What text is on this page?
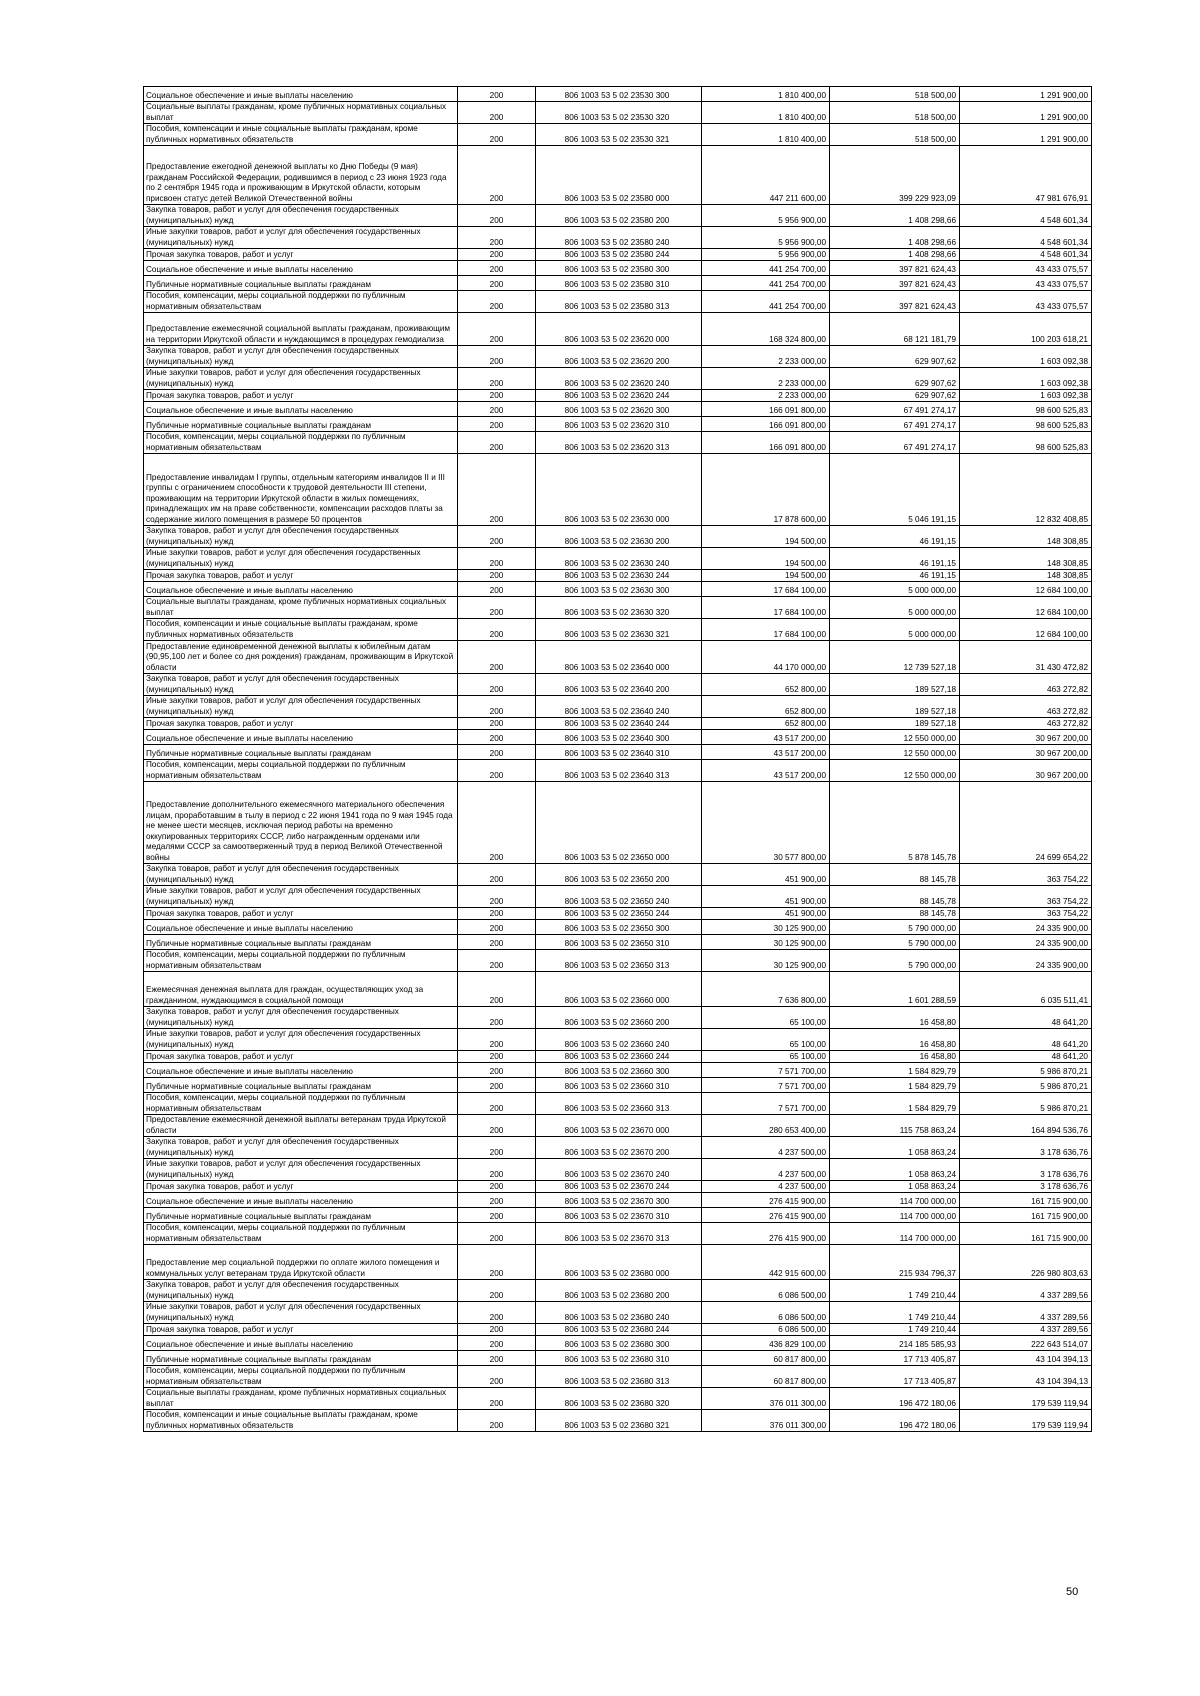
Социальное обеспечение и иные выплаты населению	200	806 1003 53 5 02 23530 300	1 810 400,00	518 500,00	1 291 900,00
Социальные выплаты гражданам, кроме публичных нормативных социальных выплат	200	806 1003 53 5 02 23530 320	1 810 400,00	518 500,00	1 291 900,00
Пособия, компенсации и иные социальные выплаты гражданам, кроме публичных нормативных обязательств	200	806 1003 53 5 02 23530 321	1 810 400,00	518 500,00	1 291 900,00
Предоставление ежегодной денежной выплаты ко Дню Победы (9 мая) гражданам Российской Федерации, родившимся в период с 23 июня 1923 года по 2 сентября 1945 года и проживающим в Иркутской области, которым присвоен статус детей Великой Отечественной войны	200	806 1003 53 5 02 23580 000	447 211 600,00	399 229 923,09	47 981 676,91
Закупка товаров, работ и услуг для обеспечения государственных (муниципальных) нужд	200	806 1003 53 5 02 23580 200	5 956 900,00	1 408 298,66	4 548 601,34
Иные закупки товаров, работ и услуг для обеспечения государственных (муниципальных) нужд	200	806 1003 53 5 02 23580 240	5 956 900,00	1 408 298,66	4 548 601,34
Прочая закупка товаров, работ и услуг	200	806 1003 53 5 02 23580 244	5 956 900,00	1 408 298,66	4 548 601,34
Социальное обеспечение и иные выплаты населению	200	806 1003 53 5 02 23580 300	441 254 700,00	397 821 624,43	43 433 075,57
Публичные нормативные социальные выплаты гражданам	200	806 1003 53 5 02 23580 310	441 254 700,00	397 821 624,43	43 433 075,57
Пособия, компенсации, меры социальной поддержки по публичным нормативным обязательствам	200	806 1003 53 5 02 23580 313	441 254 700,00	397 821 624,43	43 433 075,57
Предоставление ежемесячной социальной выплаты гражданам, проживающим на территории Иркутской области и нуждающимся в процедурах гемодиализа	200	806 1003 53 5 02 23620 000	168 324 800,00	68 121 181,79	100 203 618,21
Закупка товаров, работ и услуг для обеспечения государственных (муниципальных) нужд	200	806 1003 53 5 02 23620 200	2 233 000,00	629 907,62	1 603 092,38
Иные закупки товаров, работ и услуг для обеспечения государственных (муниципальных) нужд	200	806 1003 53 5 02 23620 240	2 233 000,00	629 907,62	1 603 092,38
Прочая закупка товаров, работ и услуг	200	806 1003 53 5 02 23620 244	2 233 000,00	629 907,62	1 603 092,38
Социальное обеспечение и иные выплаты населению	200	806 1003 53 5 02 23620 300	166 091 800,00	67 491 274,17	98 600 525,83
Публичные нормативные социальные выплаты гражданам	200	806 1003 53 5 02 23620 310	166 091 800,00	67 491 274,17	98 600 525,83
Пособия, компенсации, меры социальной поддержки по публичным нормативным обязательствам	200	806 1003 53 5 02 23620 313	166 091 800,00	67 491 274,17	98 600 525,83
Предоставление инвалидам I группы, отдельным категориям инвалидов II и III группы с ограничением способности к трудовой деятельности III степени, проживающим на территории Иркутской области в жилых помещениях, принадлежащих им на праве собственности, компенсации расходов платы за содержание жилого помещения в размере 50 процентов	200	806 1003 53 5 02 23630 000	17 878 600,00	5 046 191,15	12 832 408,85
Закупка товаров, работ и услуг для обеспечения государственных (муниципальных) нужд	200	806 1003 53 5 02 23630 200	194 500,00	46 191,15	148 308,85
Иные закупки товаров, работ и услуг для обеспечения государственных (муниципальных) нужд	200	806 1003 53 5 02 23630 240	194 500,00	46 191,15	148 308,85
Прочая закупка товаров, работ и услуг	200	806 1003 53 5 02 23630 244	194 500,00	46 191,15	148 308,85
Социальное обеспечение и иные выплаты населению	200	806 1003 53 5 02 23630 300	17 684 100,00	5 000 000,00	12 684 100,00
Социальные выплаты гражданам, кроме публичных нормативных социальных выплат	200	806 1003 53 5 02 23630 320	17 684 100,00	5 000 000,00	12 684 100,00
Пособия, компенсации и иные социальные выплаты гражданам, кроме публичных нормативных обязательств	200	806 1003 53 5 02 23630 321	17 684 100,00	5 000 000,00	12 684 100,00
Предоставление единовременной денежной выплаты к юбилейным датам (90,95,100 лет и более со дня рождения) гражданам, проживающим в Иркутской области	200	806 1003 53 5 02 23640 000	44 170 000,00	12 739 527,18	31 430 472,82
Закупка товаров, работ и услуг для обеспечения государственных (муниципальных) нужд	200	806 1003 53 5 02 23640 200	652 800,00	189 527,18	463 272,82
Иные закупки товаров, работ и услуг для обеспечения государственных (муниципальных) нужд	200	806 1003 53 5 02 23640 240	652 800,00	189 527,18	463 272,82
Прочая закупка товаров, работ и услуг	200	806 1003 53 5 02 23640 244	652 800,00	189 527,18	463 272,82
Социальное обеспечение и иные выплаты населению	200	806 1003 53 5 02 23640 300	43 517 200,00	12 550 000,00	30 967 200,00
Публичные нормативные социальные выплаты гражданам	200	806 1003 53 5 02 23640 310	43 517 200,00	12 550 000,00	30 967 200,00
Пособия, компенсации, меры социальной поддержки по публичным нормативным обязательствам	200	806 1003 53 5 02 23640 313	43 517 200,00	12 550 000,00	30 967 200,00
Предоставление дополнительного ежемесячного материального обеспечения лицам, проработавшим в тылу в период с 22 июня 1941 года по 9 мая 1945 года не менее шести месяцев, исключая период работы на временно оккупированных территориях СССР, либо награжденным орденами или медалями СССР за самоотверженный труд в период Великой Отечественной войны	200	806 1003 53 5 02 23650 000	30 577 800,00	5 878 145,78	24 699 654,22
Закупка товаров, работ и услуг для обеспечения государственных (муниципальных) нужд	200	806 1003 53 5 02 23650 200	451 900,00	88 145,78	363 754,22
Иные закупки товаров, работ и услуг для обеспечения государственных (муниципальных) нужд	200	806 1003 53 5 02 23650 240	451 900,00	88 145,78	363 754,22
Прочая закупка товаров, работ и услуг	200	806 1003 53 5 02 23650 244	451 900,00	88 145,78	363 754,22
Социальное обеспечение и иные выплаты населению	200	806 1003 53 5 02 23650 300	30 125 900,00	5 790 000,00	24 335 900,00
Публичные нормативные социальные выплаты гражданам	200	806 1003 53 5 02 23650 310	30 125 900,00	5 790 000,00	24 335 900,00
Пособия, компенсации, меры социальной поддержки по публичным нормативным обязательствам	200	806 1003 53 5 02 23650 313	30 125 900,00	5 790 000,00	24 335 900,00
Ежемесячная денежная выплата для граждан, осуществляющих уход за гражданином, нуждающимся в социальной помощи	200	806 1003 53 5 02 23660 000	7 636 800,00	1 601 288,59	6 035 511,41
Закупка товаров, работ и услуг для обеспечения государственных (муниципальных) нужд	200	806 1003 53 5 02 23660 200	65 100,00	16 458,80	48 641,20
Иные закупки товаров, работ и услуг для обеспечения государственных (муниципальных) нужд	200	806 1003 53 5 02 23660 240	65 100,00	16 458,80	48 641,20
Прочая закупка товаров, работ и услуг	200	806 1003 53 5 02 23660 244	65 100,00	16 458,80	48 641,20
Социальное обеспечение и иные выплаты населению	200	806 1003 53 5 02 23660 300	7 571 700,00	1 584 829,79	5 986 870,21
Публичные нормативные социальные выплаты гражданам	200	806 1003 53 5 02 23660 310	7 571 700,00	1 584 829,79	5 986 870,21
Пособия, компенсации, меры социальной поддержки по публичным нормативным обязательствам	200	806 1003 53 5 02 23660 313	7 571 700,00	1 584 829,79	5 986 870,21
Предоставление ежемесячной денежной выплаты ветеранам труда Иркутской области	200	806 1003 53 5 02 23670 000	280 653 400,00	115 758 863,24	164 894 536,76
Закупка товаров, работ и услуг для обеспечения государственных (муниципальных) нужд	200	806 1003 53 5 02 23670 200	4 237 500,00	1 058 863,24	3 178 636,76
Иные закупки товаров, работ и услуг для обеспечения государственных (муниципальных) нужд	200	806 1003 53 5 02 23670 240	4 237 500,00	1 058 863,24	3 178 636,76
Прочая закупка товаров, работ и услуг	200	806 1003 53 5 02 23670 244	4 237 500,00	1 058 863,24	3 178 636,76
Социальное обеспечение и иные выплаты населению	200	806 1003 53 5 02 23670 300	276 415 900,00	114 700 000,00	161 715 900,00
Публичные нормативные социальные выплаты гражданам	200	806 1003 53 5 02 23670 310	276 415 900,00	114 700 000,00	161 715 900,00
Пособия, компенсации, меры социальной поддержки по публичным нормативным обязательствам	200	806 1003 53 5 02 23670 313	276 415 900,00	114 700 000,00	161 715 900,00
Предоставление мер социальной поддержки по оплате жилого помещения и коммунальных услуг ветеранам труда Иркутской области	200	806 1003 53 5 02 23680 000	442 915 600,00	215 934 796,37	226 980 803,63
Закупка товаров, работ и услуг для обеспечения государственных (муниципальных) нужд	200	806 1003 53 5 02 23680 200	6 086 500,00	1 749 210,44	4 337 289,56
Иные закупки товаров, работ и услуг для обеспечения государственных (муниципальных) нужд	200	806 1003 53 5 02 23680 240	6 086 500,00	1 749 210,44	4 337 289,56
Прочая закупка товаров, работ и услуг	200	806 1003 53 5 02 23680 244	6 086 500,00	1 749 210,44	4 337 289,56
Социальное обеспечение и иные выплаты населению	200	806 1003 53 5 02 23680 300	436 829 100,00	214 185 585,93	222 643 514,07
Публичные нормативные социальные выплаты гражданам	200	806 1003 53 5 02 23680 310	60 817 800,00	17 713 405,87	43 104 394,13
Пособия, компенсации, меры социальной поддержки по публичным нормативным обязательствам	200	806 1003 53 5 02 23680 313	60 817 800,00	17 713 405,87	43 104 394,13
Социальные выплаты гражданам, кроме публичных нормативных социальных выплат	200	806 1003 53 5 02 23680 320	376 011 300,00	196 472 180,06	179 539 119,94
Пособия, компенсации и иные социальные выплаты гражданам, кроме публичных нормативных обязательств	200	806 1003 53 5 02 23680 321	376 011 300,00	196 472 180,06	179 539 119,94
50
